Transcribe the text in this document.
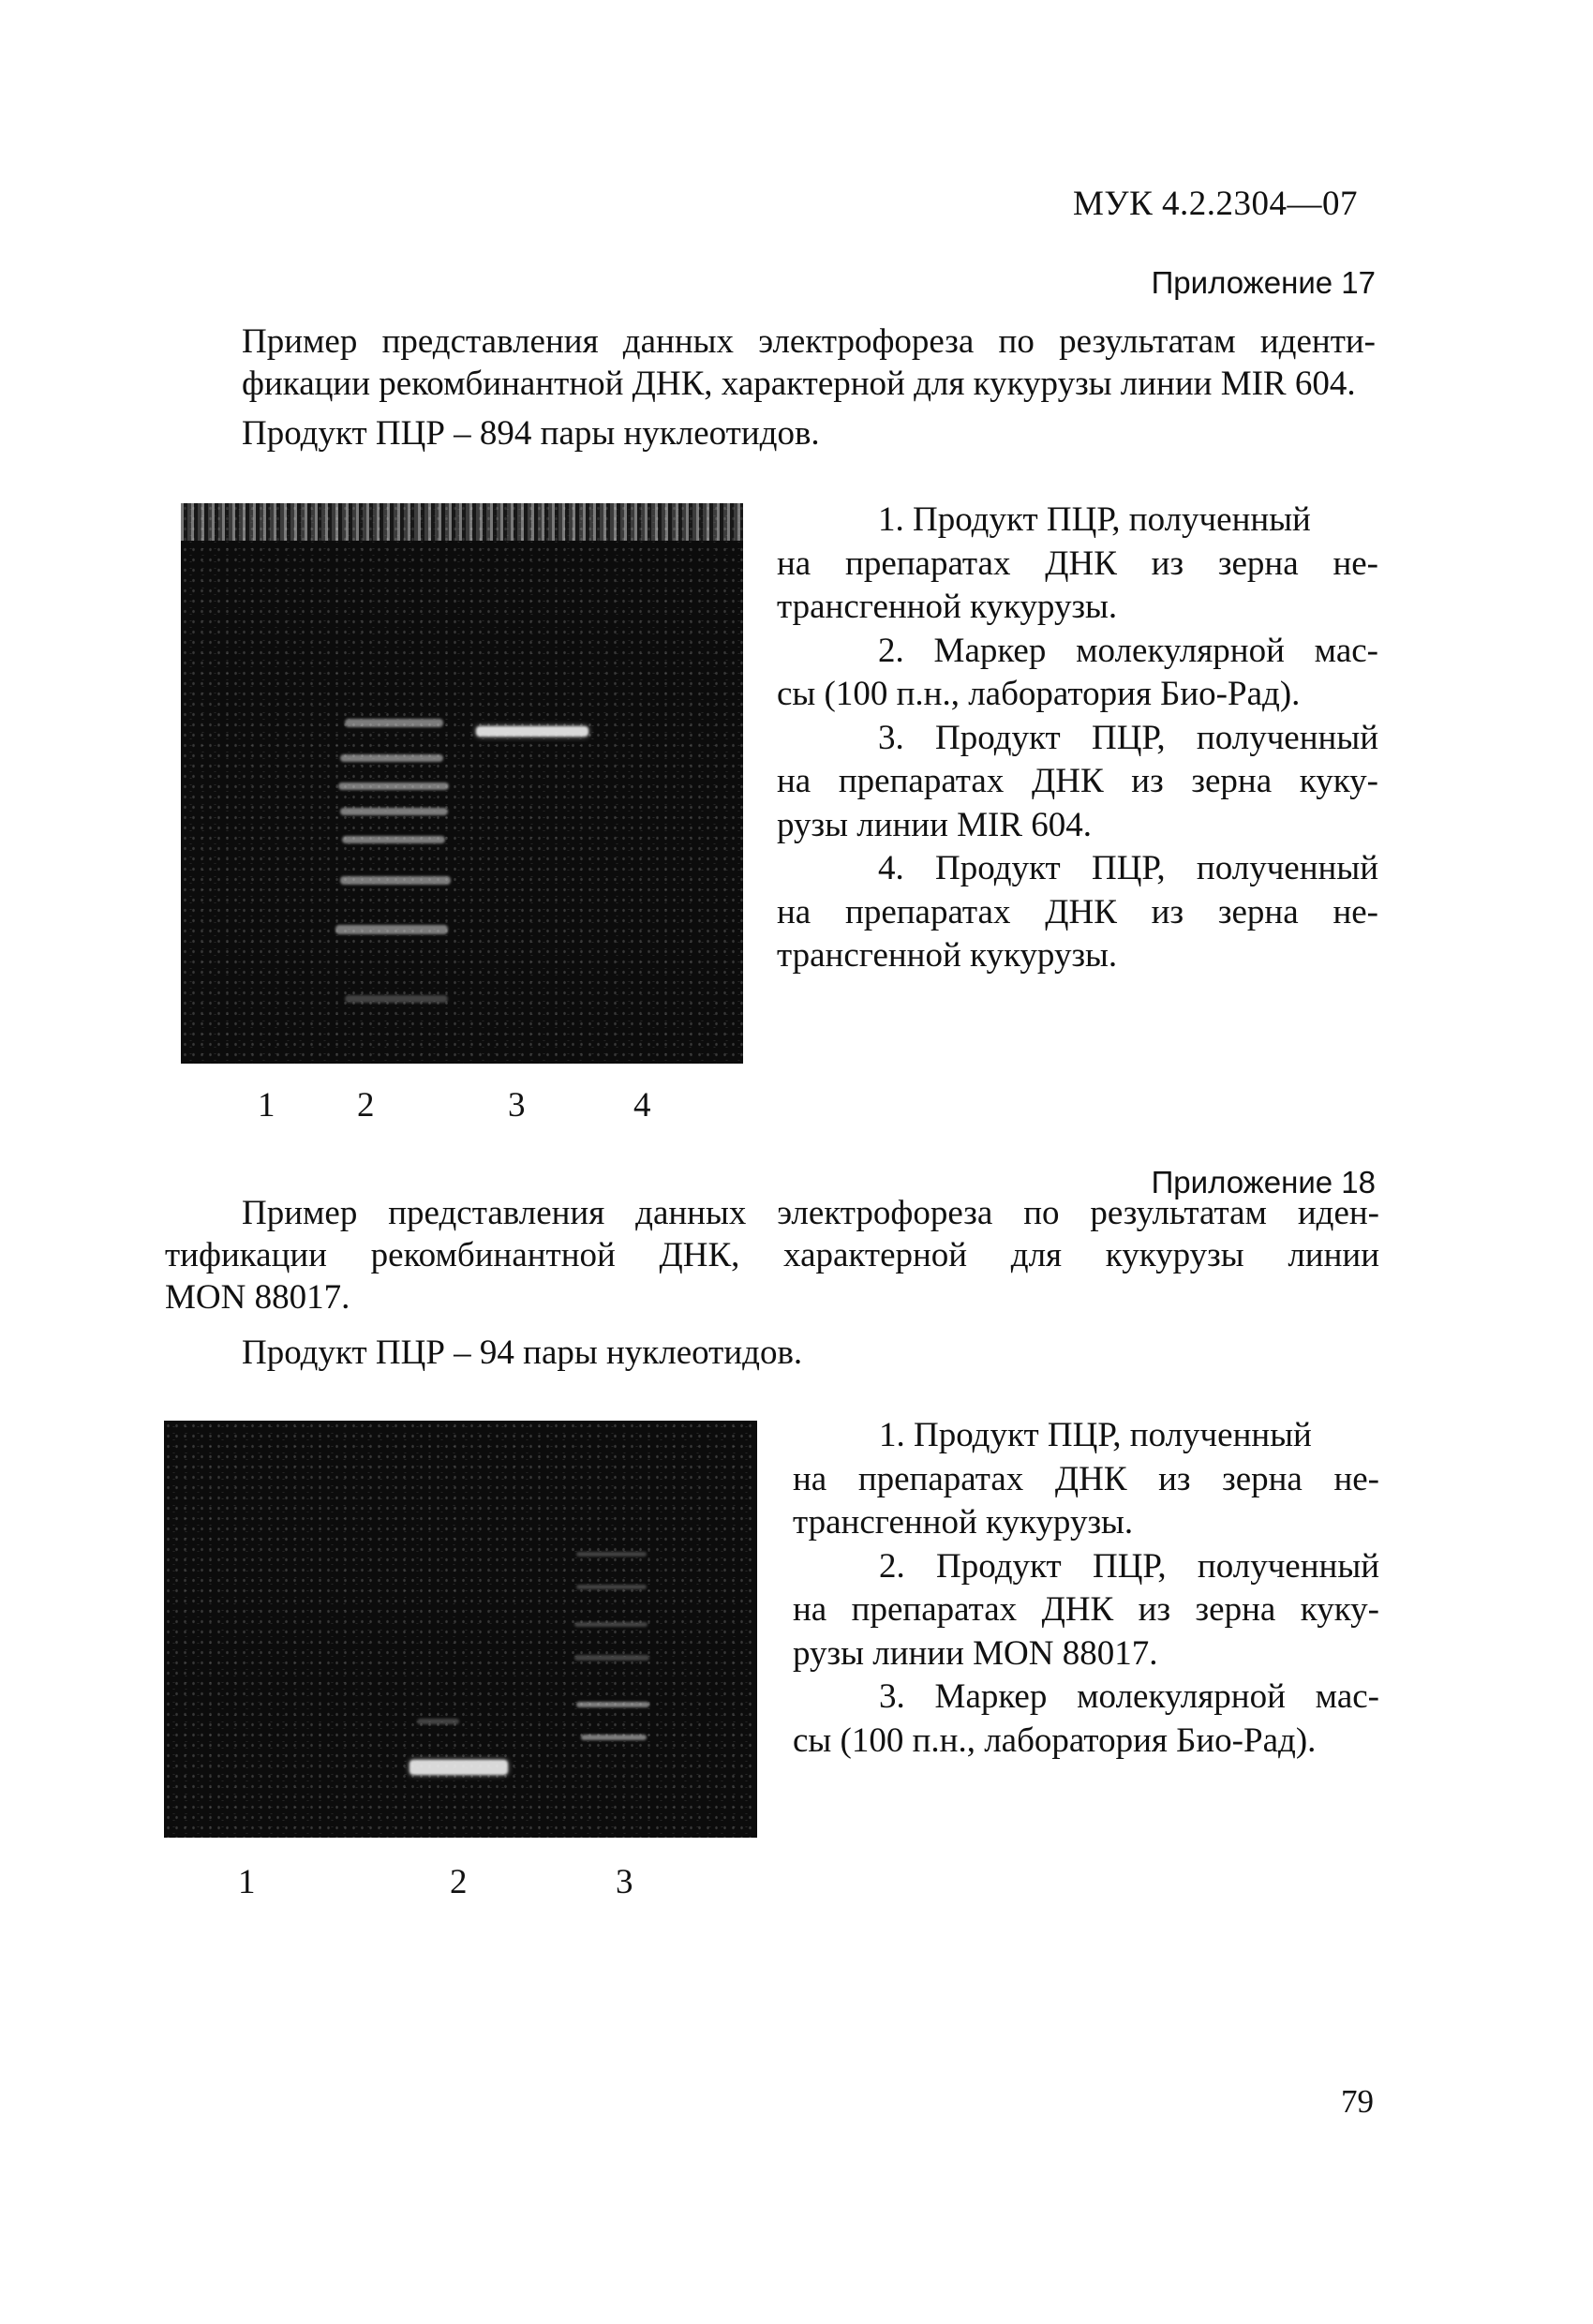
МУК 4.2.2304—07
Приложение 17
Пример представления данных электрофореза по результатам иденти-
фикации рекомбинантной ДНК, характерной для кукурузы линии MIR 604.
Продукт ПЦР – 894 пары нуклеотидов.
1. Продукт ПЦР, полученный
на препаратах ДНК из зерна не-
трансгенной кукурузы.
2. Маркер молекулярной мас-
сы (100 п.н., лаборатория Био-Рад).
3. Продукт ПЦР, полученный
на препаратах ДНК из зерна куку-
рузы линии MIR 604.
4. Продукт ПЦР, полученный
на препаратах ДНК из зерна не-
трансгенной кукурузы.
1 2	3	4
Приложение 18
Пример представления данных электрофореза по результатам иден-
тификации рекомбинантной ДНК, характерной для кукурузы линии
MON 88017.
Продукт ПЦР – 94 пары нуклеотидов.
1. Продукт ПЦР, полученный
на препаратах ДНК из зерна не-
трансгенной кукурузы.
2. Продукт ПЦР, полученный
на препаратах ДНК из зерна куку-
рузы линии MON 88017.
3. Маркер молекулярной мас-
сы (100 п.н., лаборатория Био-Рад).
1	2	3
79
